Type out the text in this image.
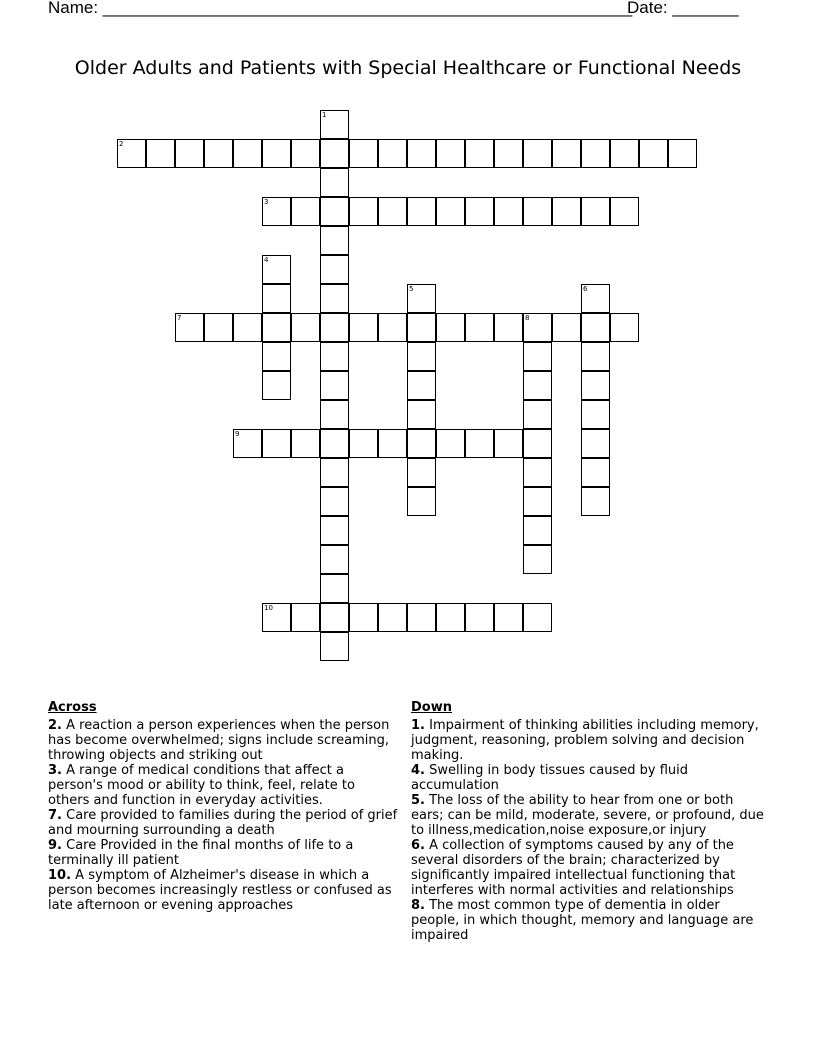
Name: ________________________________________________________
Date: _______
Older Adults and Patients with Special Healthcare or Functional Needs
1
2
3
4
5	6
7	8
9
10
Across
2. A reaction a person experiences when the person has become overwhelmed; signs include screaming, throwing objects and striking out
3. A range of medical conditions that affect a person's mood or ability to think, feel, relate to others and function in everyday activities.
7. Care provided to families during the period of grief and mourning surrounding a death
9. Care Provided in the final months of life to a terminally ill patient
10. A symptom of Alzheimer's disease in which a person becomes increasingly restless or confused as late afternoon or evening approaches
Down
1. Impairment of thinking abilities including memory, judgment, reasoning, problem solving and decision making.
4. Swelling in body tissues caused by fluid accumulation
5. The loss of the ability to hear from one or both ears; can be mild, moderate, severe, or profound, due to illness,medication,noise exposure,or injury
6. A collection of symptoms caused by any of the several disorders of the brain; characterized by significantly impaired intellectual functioning that interferes with normal activities and relationships
8. The most common type of dementia in older people, in which thought, memory and language are impaired
